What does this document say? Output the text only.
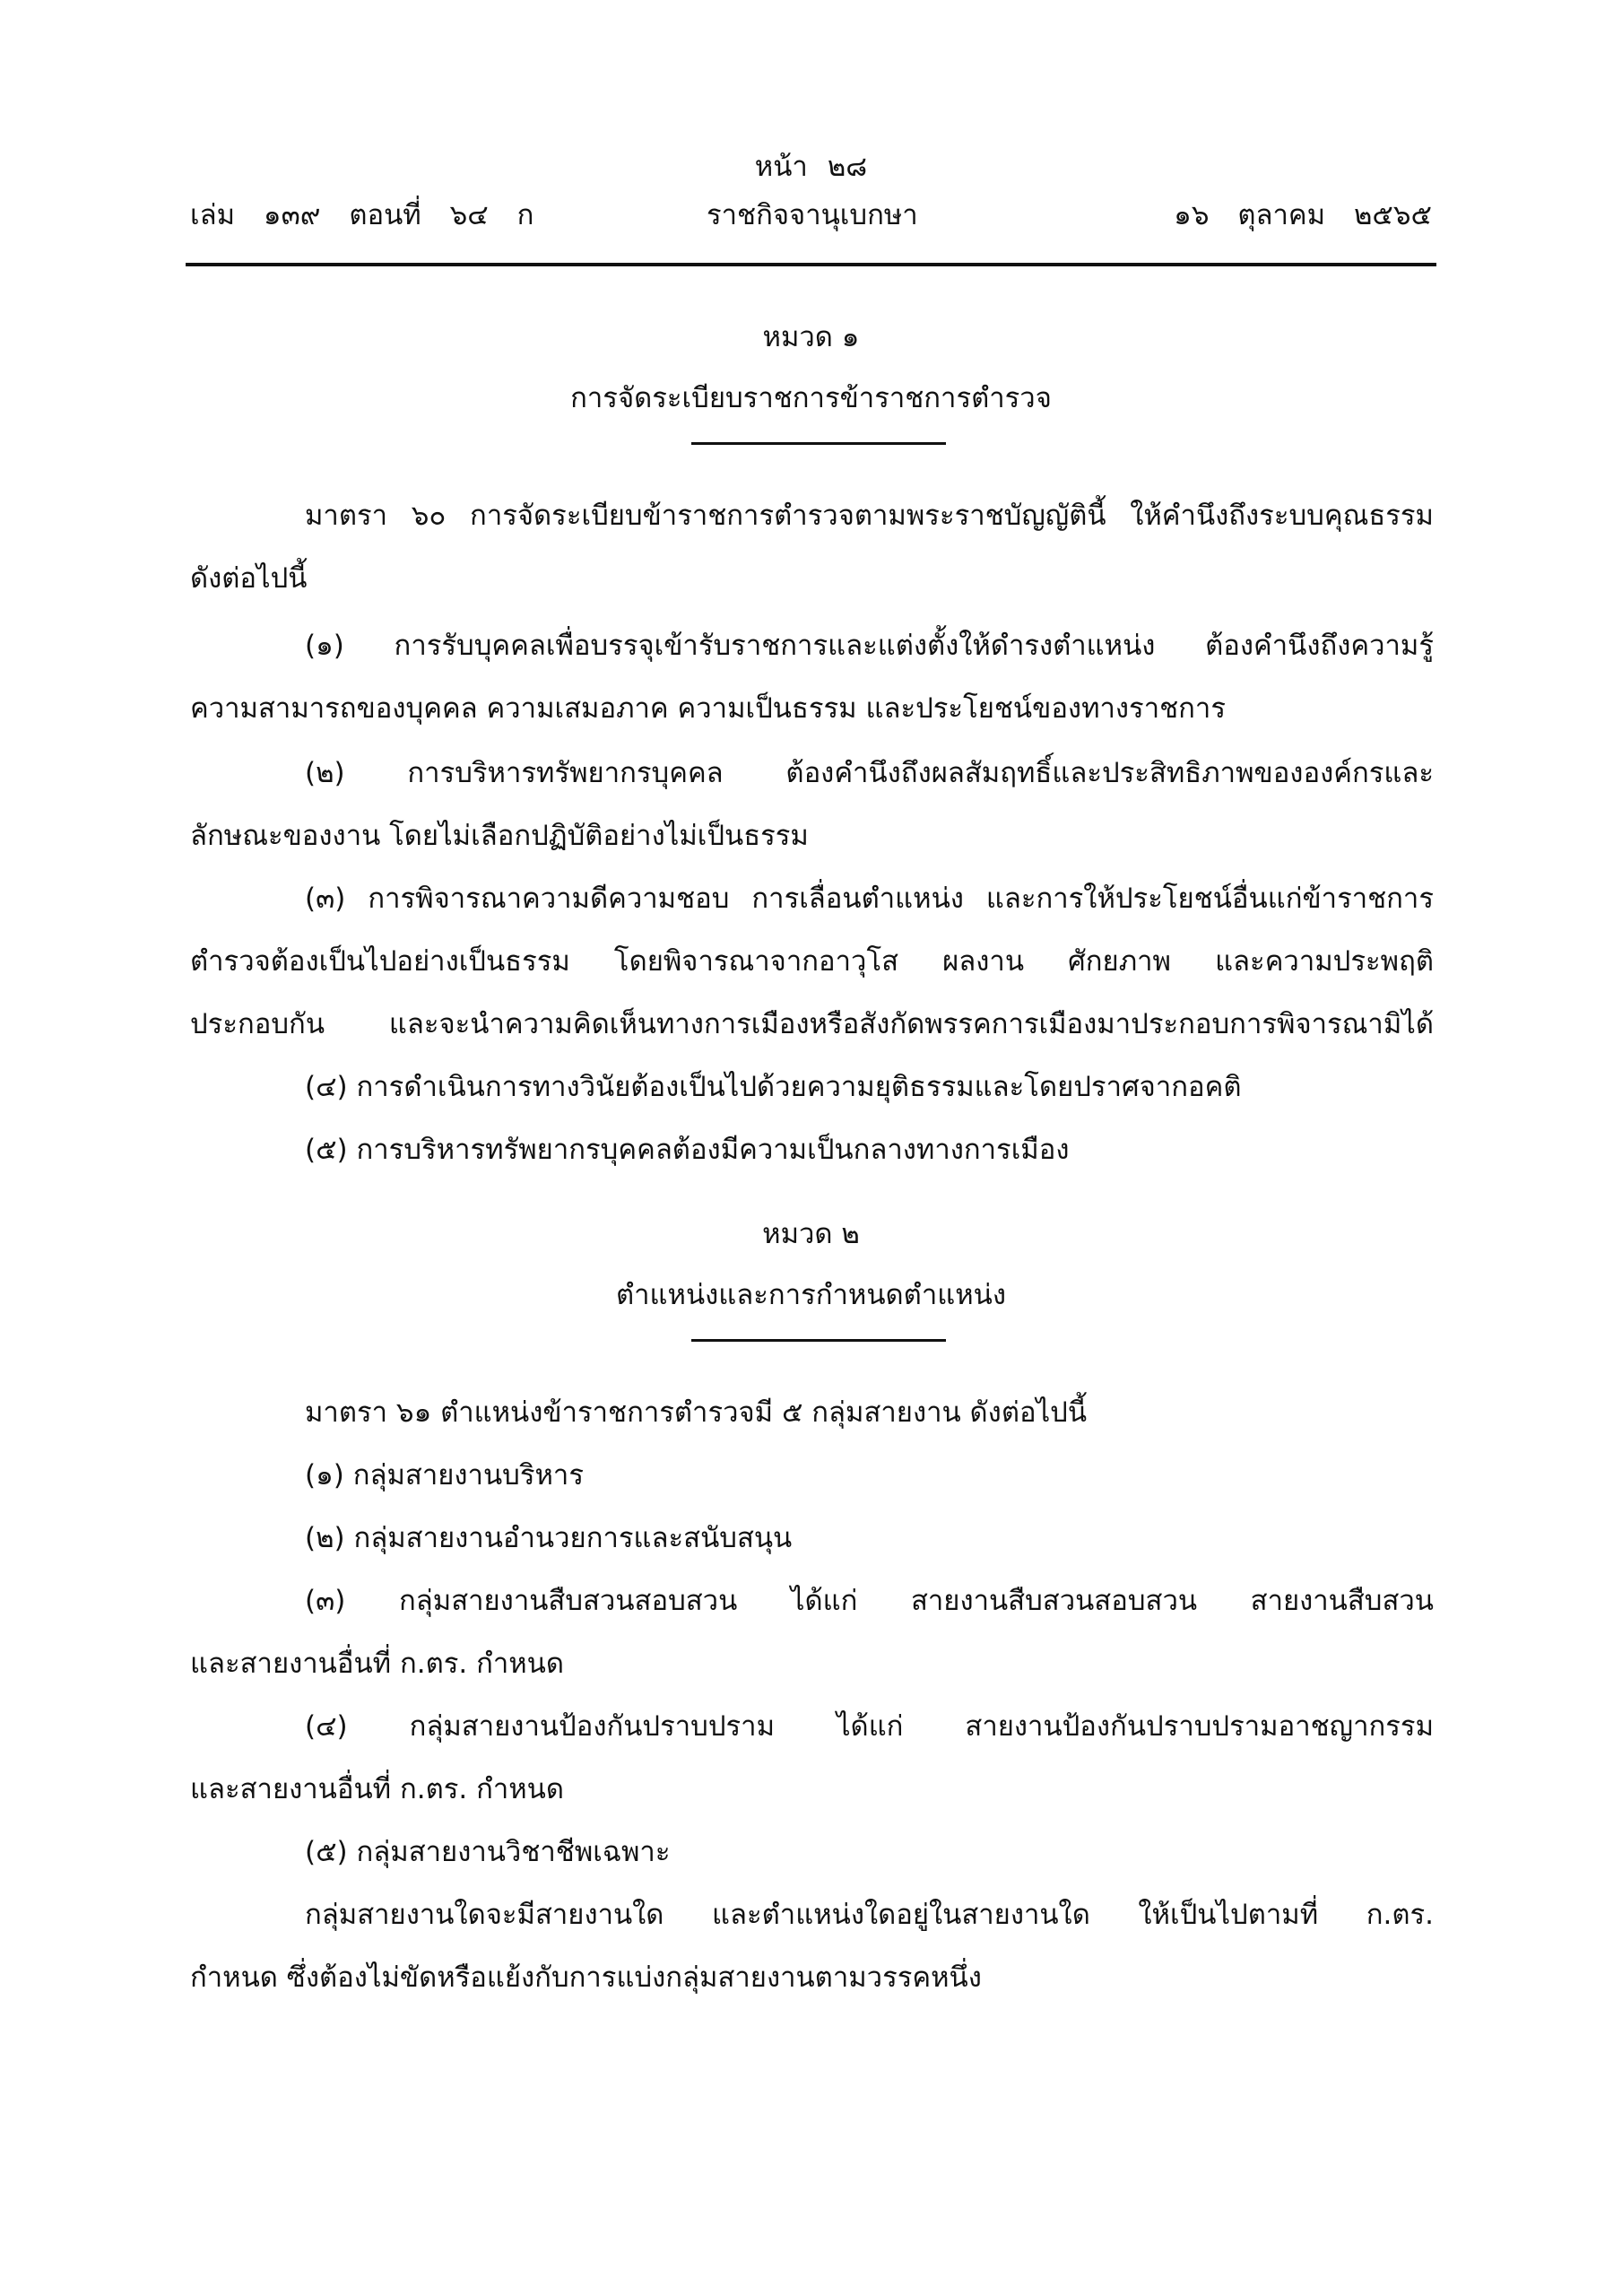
หน้า ๒๘
เล่ม ๑๓๙ ตอนที่ ๖๔ ก	ราชกิจจานุเบกษา	๑๖ ตุลาคม ๒๕๖๕
หมวด ๑
การจัดระเบียบราชการข้าราชการตำรวจ
มาตรา ๖๐ การจัดระเบียบข้าราชการตำรวจตามพระราชบัญญัตินี้ ให้คำนึงถึงระบบคุณธรรม
ดังต่อไปนี้
(๑) การรับบุคคลเพื่อบรรจุเข้ารับราชการและแต่งตั้งให้ดำรงตำแหน่ง ต้องคำนึงถึงความรู้
ความสามารถของบุคคล ความเสมอภาค ความเป็นธรรม และประโยชน์ของทางราชการ
(๒) การบริหารทรัพยากรบุคคล ต้องคำนึงถึงผลสัมฤทธิ์และประสิทธิภาพขององค์กรและ
ลักษณะของงาน โดยไม่เลือกปฏิบัติอย่างไม่เป็นธรรม
(๓) การพิจารณาความดีความชอบ การเลื่อนตำแหน่ง และการให้ประโยชน์อื่นแก่ข้าราชการ
ตำรวจต้องเป็นไปอย่างเป็นธรรม โดยพิจารณาจากอาวุโส ผลงาน ศักยภาพ และความประพฤติ
ประกอบกัน และจะนำความคิดเห็นทางการเมืองหรือสังกัดพรรคการเมืองมาประกอบการพิจารณามิได้
(๔) การดำเนินการทางวินัยต้องเป็นไปด้วยความยุติธรรมและโดยปราศจากอคติ
(๕) การบริหารทรัพยากรบุคคลต้องมีความเป็นกลางทางการเมือง
หมวด ๒
ตำแหน่งและการกำหนดตำแหน่ง
มาตรา ๖๑ ตำแหน่งข้าราชการตำรวจมี ๕ กลุ่มสายงาน ดังต่อไปนี้
(๑) กลุ่มสายงานบริหาร
(๒) กลุ่มสายงานอำนวยการและสนับสนุน
(๓) กลุ่มสายงานสืบสวนสอบสวน ได้แก่ สายงานสืบสวนสอบสวน สายงานสืบสวน
และสายงานอื่นที่ ก.ตร. กำหนด
(๔) กลุ่มสายงานป้องกันปราบปราม ได้แก่ สายงานป้องกันปราบปรามอาชญากรรม
และสายงานอื่นที่ ก.ตร. กำหนด
(๕) กลุ่มสายงานวิชาชีพเฉพาะ
กลุ่มสายงานใดจะมีสายงานใด และตำแหน่งใดอยู่ในสายงานใด ให้เป็นไปตามที่ ก.ตร.
กำหนด ซึ่งต้องไม่ขัดหรือแย้งกับการแบ่งกลุ่มสายงานตามวรรคหนึ่ง
